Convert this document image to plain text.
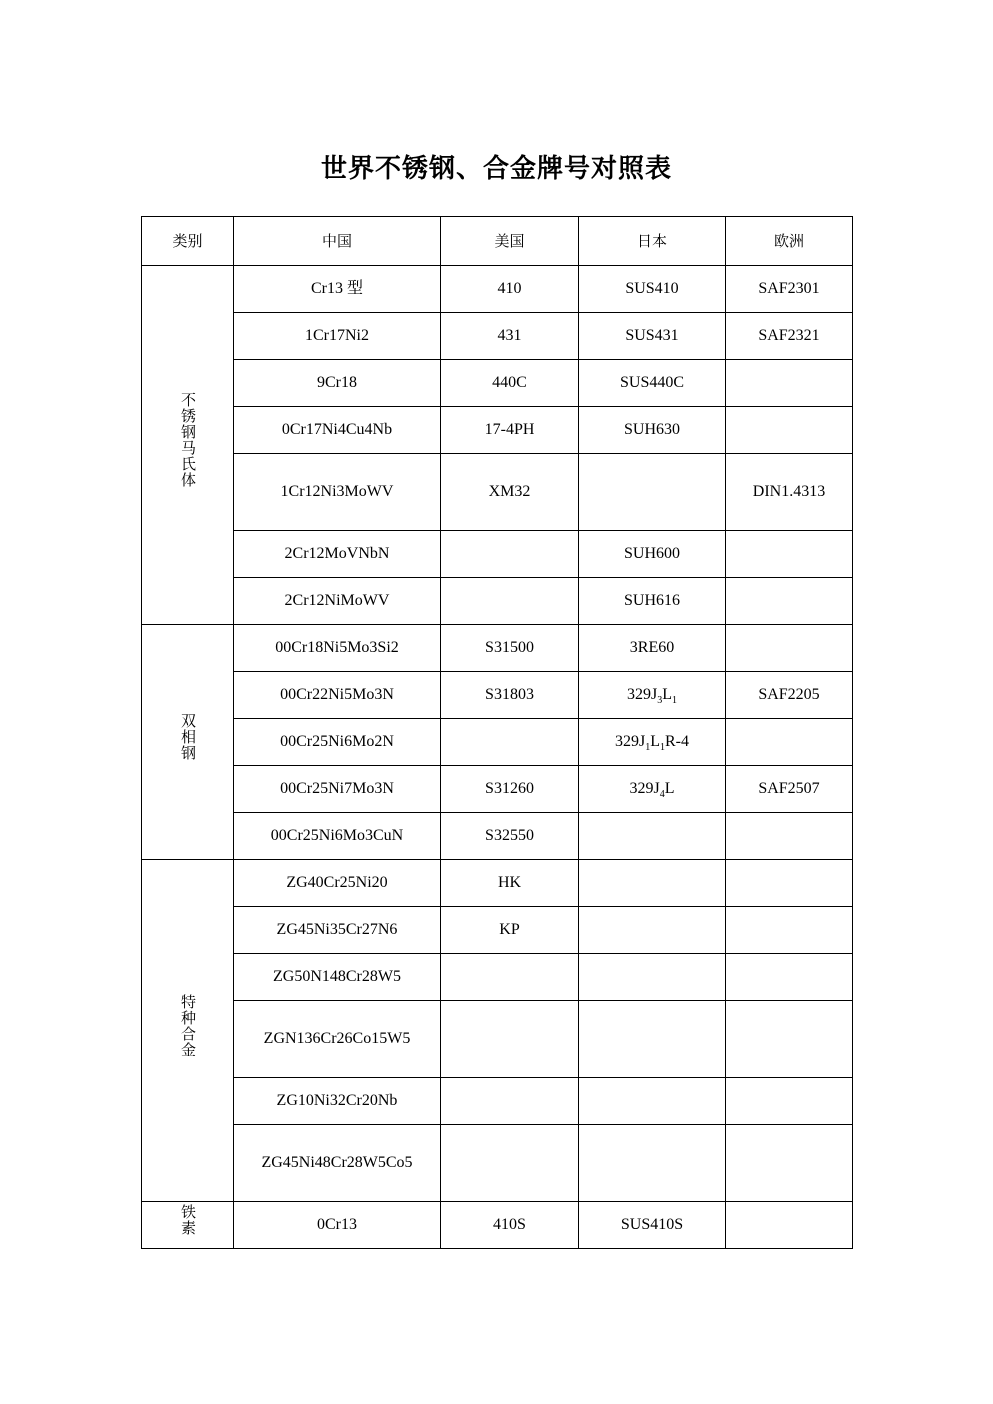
世界不锈钢、合金牌号对照表
类别	中国	美国	日本	欧洲
不锈钢马氏体	Cr13 型	410	SUS410	SAF2301
	1Cr17Ni2	431	SUS431	SAF2321
	9Cr18	440C	SUS440C	
	0Cr17Ni4Cu4Nb	17-4PH	SUH630	
	1Cr12Ni3MoWV	XM32		DIN1.4313
	2Cr12MoVNbN		SUH600	
	2Cr12NiMoWV		SUH616	
双相钢	00Cr18Ni5Mo3Si2	S31500	3RE60	
	00Cr22Ni5Mo3N	S31803	$329J_3L_1$	SAF2205
	00Cr25Ni6Mo2N		$329J_1L_1R-4$	
	00Cr25Ni7Mo3N	S31260	$329J_4L$	SAF2507
	00Cr25Ni6Mo3CuN	S32550		
特种合金	ZG40Cr25Ni20	HK		
	ZG45Ni35Cr27N6	KP		
	ZG50N148Cr28W5			
	ZGN136Cr26Co15W5			
	ZG10Ni32Cr20Nb			
	ZG45Ni48Cr28W5Co5			
铁素	0Cr13	410S	SUS410S	
